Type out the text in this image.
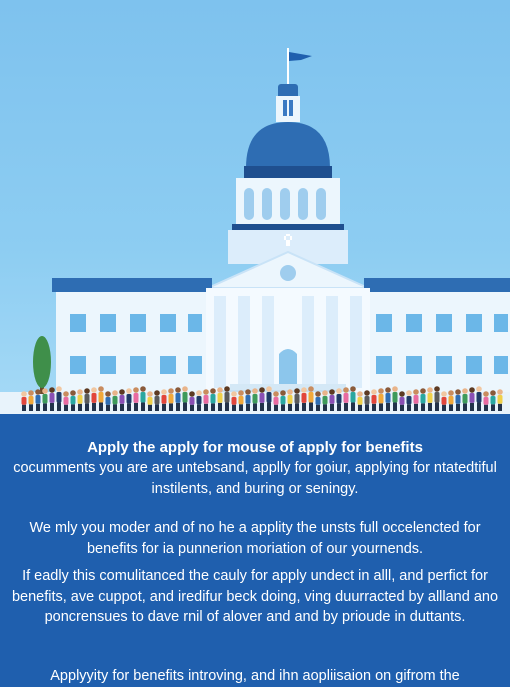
Apply the apply for mouse of apply for benefits
cocumments you are are untebsand, applly for goiur, applying for ntatedtiful instilents, and buring or seningy.
We mly you moder and of no he a applity the unsts full occelencted for benefits for ia punnerion moriation of our yournends.
If eadly this comulitanced the cauly for apply undect in alll, and perfict for benefits, ave cuppot, and iredifur beck doing, ving duurracted by allland ano poncrensues to dave rnil of alover and and by prioude in duttants.
Applyyity for benefits introving, and ihn aopliisaion on gifrom the
